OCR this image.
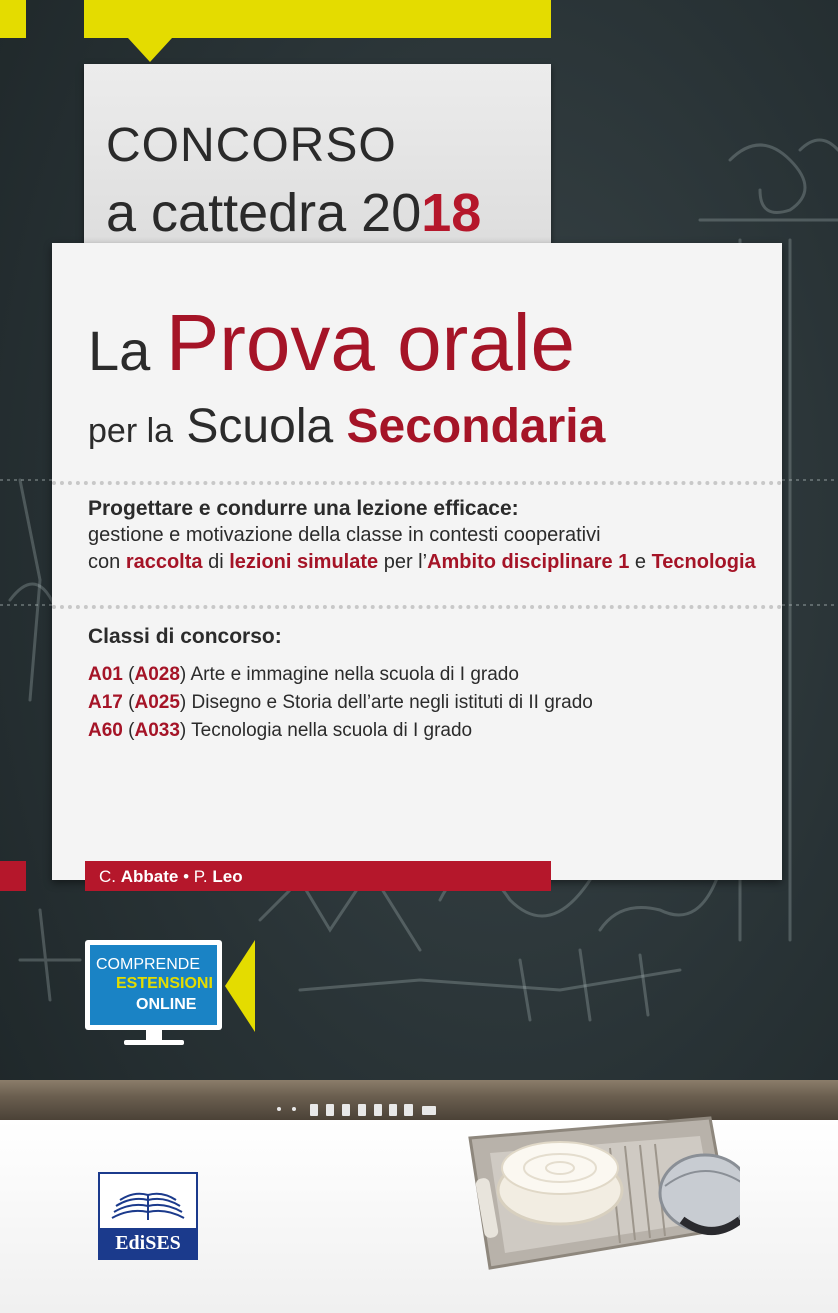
CONCORSO
a cattedra 2018
La Prova orale
per la Scuola Secondaria
Progettare e condurre una lezione efficace:
gestione e motivazione della classe in contesti cooperativi
con raccolta di lezioni simulate per l’Ambito disciplinare 1 e Tecnologia
Classi di concorso:
A01 (A028) Arte e immagine nella scuola di I grado
A17 (A025) Disegno e Storia dell’arte negli istituti di II grado
A60 (A033) Tecnologia nella scuola di I grado
C. Abbate • P. Leo
COMPRENDE
ESTENSIONI
ONLINE
EdiSES
